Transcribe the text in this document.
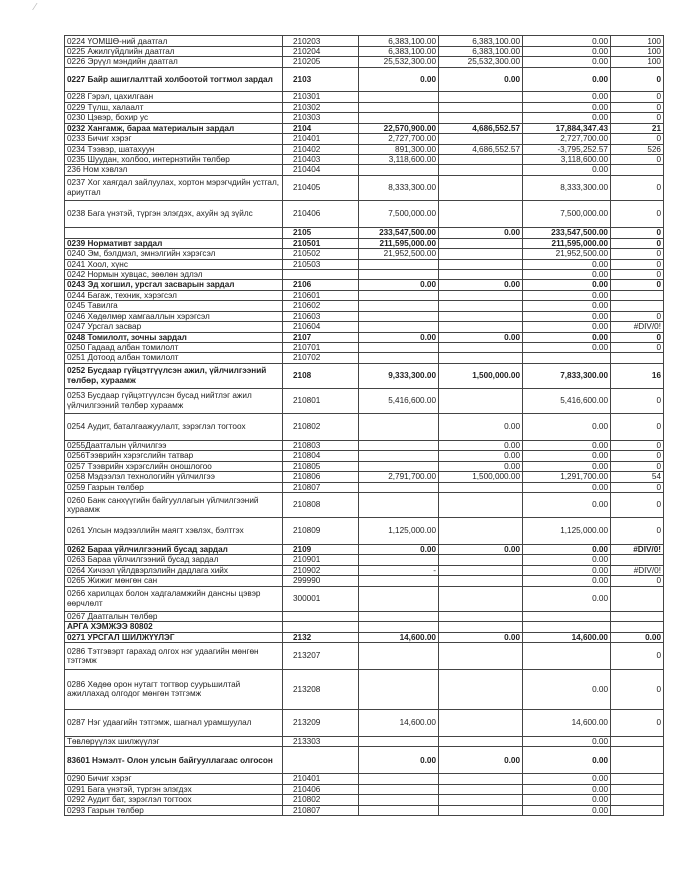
⁄
0224 ҮОМШӨ-ний даатгал	210203	6,383,100.00	6,383,100.00	0.00	100
0225 Ажилгүйдлийн даатгал	210204	6,383,100.00	6,383,100.00	0.00	100
0226 Эрүүл мэндийн даатгал	210205	25,532,300.00	25,532,300.00	0.00	100
0227 Байр ашиглалттай холбоотой тогтмол зардал	2103	0.00	0.00	0.00	0
0228 Гэрэл, цахилгаан	210301			0.00	0
0229 Түлш, халаалт	210302			0.00	0
0230 Цэвэр, бохир ус	210303			0.00	0
0232 Хангамж, бараа материалын зардал	2104	22,570,900.00	4,686,552.57	17,884,347.43	21
0233 Бичиг хэрэг	210401	2,727,700.00		2,727,700.00	0
0234 Тээвэр, шатахуун	210402	891,300.00	4,686,552.57	-3,795,252.57	526
0235 Шуудан, холбоо, интернэтийн төлбөр	210403	3,118,600.00		3,118,600.00	0
236 Ном хэвлэл	210404			0.00	
0237 Хог хаягдал зайлуулах, хортон мэрэгчдийн устгал, ариутгал	210405	8,333,300.00		8,333,300.00	0
0238 Бага үнэтэй, түргэн элэгдэх, ахуйн эд зүйлс	210406	7,500,000.00		7,500,000.00	0
	2105	233,547,500.00	0.00	233,547,500.00	0
0239 Нормативт зардал	210501	211,595,000.00		211,595,000.00	0
0240 Эм, бэлдмэл, эмнэлгийн хэрэгсэл	210502	21,952,500.00		21,952,500.00	0
0241 Хоол, хүнс	210503			0.00	0
0242 Нормын хувцас, зөөлөн эдлэл				0.00	0
0243 Эд хогшил, урсгал засварын зардал	2106	0.00	0.00	0.00	0
0244 Багаж, техник, хэрэгсэл	210601			0.00	
0245 Тавилга	210602			0.00	
0246 Хөдөлмөр хамгааллын хэрэгсэл	210603			0.00	0
0247 Урсгал засвар	210604			0.00	#DIV/0!
0248 Томилолт, зочны зардал	2107	0.00	0.00	0.00	0
0250 Гадаад албан томилолт	210701			0.00	0
0251 Дотоод албан томилолт	210702				
0252 Бусдаар гүйцэтгүүлсэн ажил, үйлчилгээний төлбөр, хураамж	2108	9,333,300.00	1,500,000.00	7,833,300.00	16
0253 Бусдаар гүйцэтгүүлсэн бусад нийтлэг ажил үйлчилгээний төлбөр хураамж	210801	5,416,600.00		5,416,600.00	0
0254 Аудит, баталгаажуулалт, зэрэглэл тогтоох	210802		0.00	0.00	0
0255Даатгалын үйлчилгээ	210803		0.00	0.00	0
0256Тээврийн хэрэгслийн татвар	210804		0.00	0.00	0
0257 Тээврийн хэрэгслийн оношлогоо	210805		0.00	0.00	0
0258 Мэдээлэл технологийн үйлчилгээ	210806	2,791,700.00	1,500,000.00	1,291,700.00	54
0259 Газрын төлбөр	210807			0.00	0
0260 Банк санхүүгийн байгууллагын үйлчилгээний хураамж	210808			0.00	0
0261 Улсын мэдээллийн маягт хэвлэх, бэлтгэх	210809	1,125,000.00		1,125,000.00	0
0262 Бараа үйлчилгээний бусад зардал	2109	0.00	0.00	0.00	#DIV/0!
0263 Бараа үйлчилгээний бусад зардал	210901			0.00	
0264 Хичээл үйлдвэрлэлийн дадлага хийх	210902	-		0.00	#DIV/0!
0265 Жижиг мөнгөн сан	299990			0.00	0
0266 харилцах болон хадгаламжийн дансны цэвэр өөрчлөлт	300001			0.00	
0267 Даатгалын төлбөр					
АРГА ХЭМЖЭЭ 80802					
0271 УРСГАЛ ШИЛЖҮҮЛЭГ	2132	14,600.00	0.00	14,600.00	0.00
0286 Тэтгэвэрт гарахад олгох нэг удаагийн мөнгөн тэтгэмж	213207				0
0286 Хөдөө орон нутагт тогтвор суурьшилтай ажиллахад олгодог мөнгөн тэтгэмж	213208			0.00	0
0287 Нэг удаагийн тэтгэмж, шагнал урамшуулал	213209	14,600.00		14,600.00	0
Төвлөрүүлэх шилжүүлэг	213303			0.00	
83601 Нэмэлт- Олон улсын байгууллагаас олгосон		0.00	0.00	0.00	
0290 Бичиг хэрэг	210401			0.00	
0291 Бага үнэтэй, түргэн элэгдэх	210406			0.00	
0292 Аудит бат, зэрэглэл тогтоох	210802			0.00	
0293 Газрын төлбөр	210807			0.00	
